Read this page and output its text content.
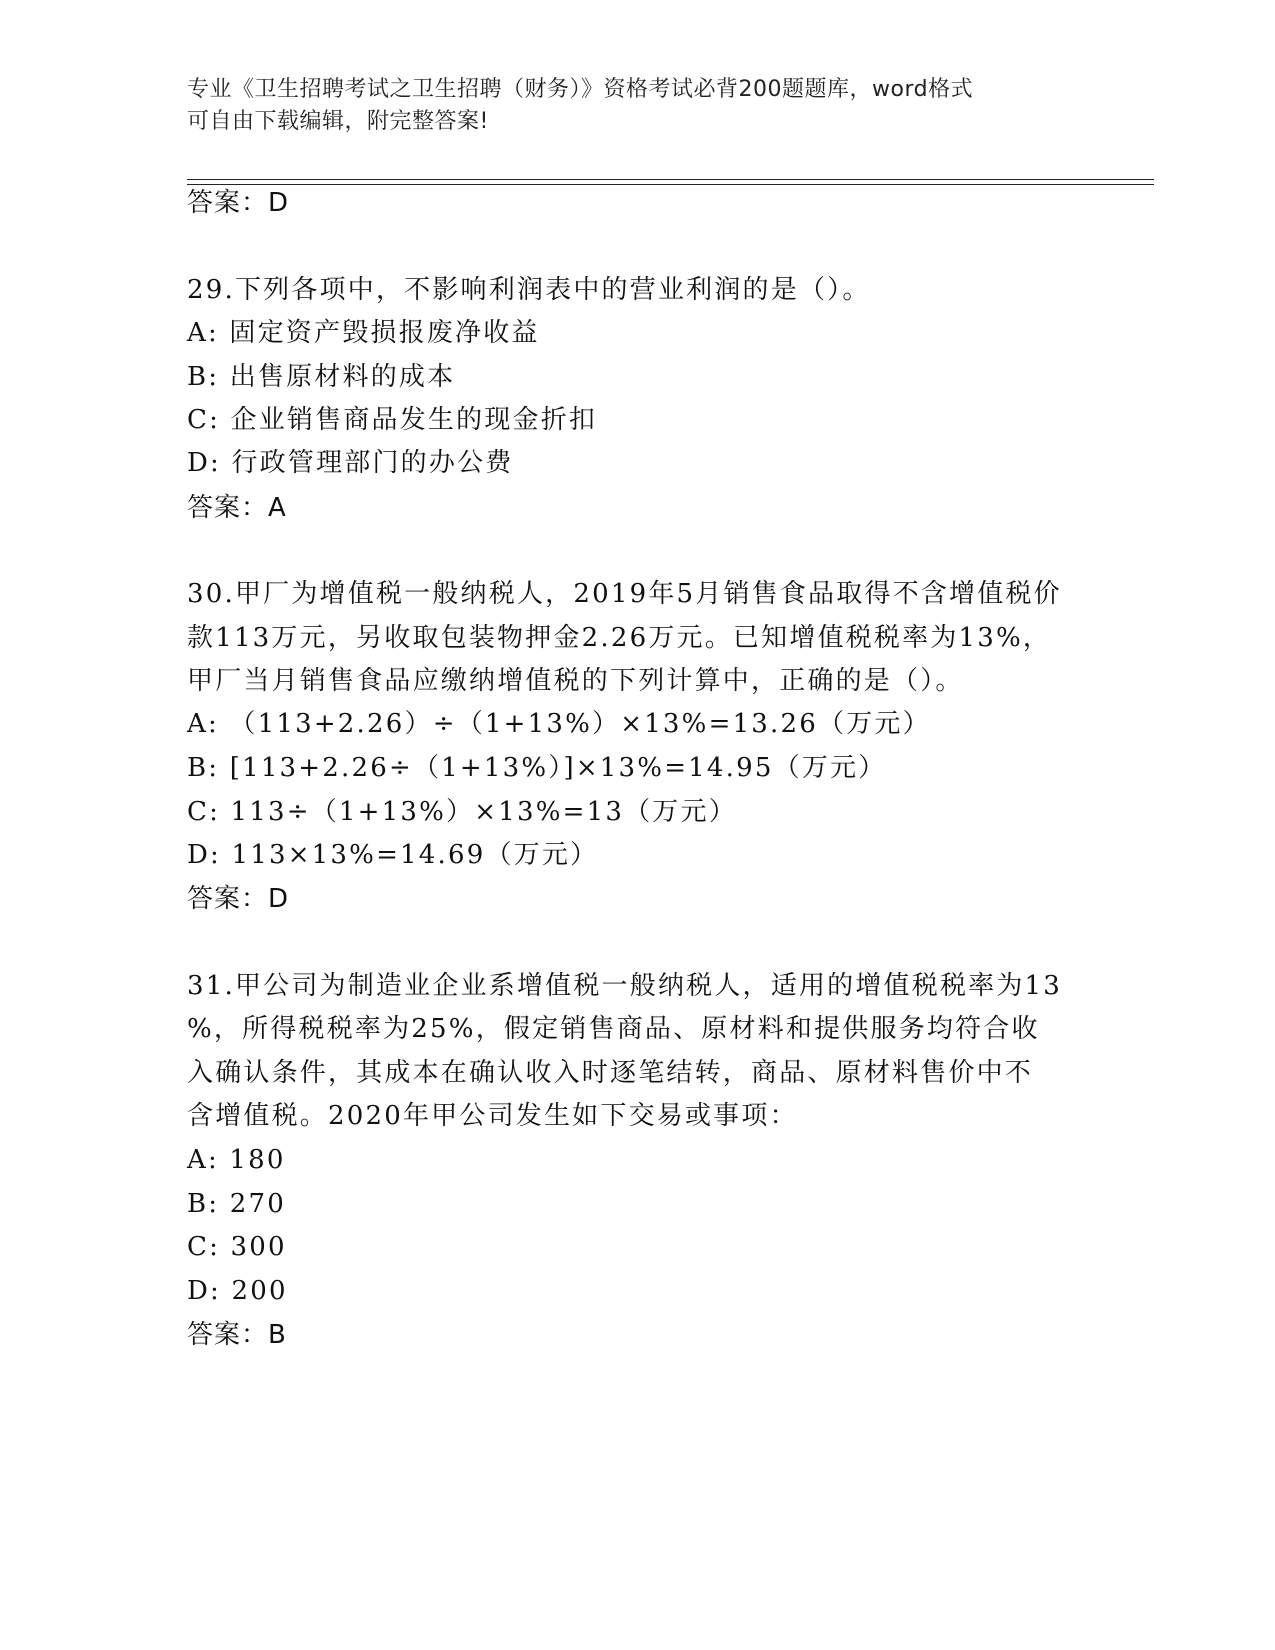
专业《卫生招聘考试之卫生招聘（财务）》资格考试必背200题题库，word格式
可自由下载编辑，附完整答案!
答案：D
29.下列各项中，不影响利润表中的营业利润的是（）。
A: 固定资产毁损报废净收益
B: 出售原材料的成本
C: 企业销售商品发生的现金折扣
D: 行政管理部门的办公费
答案：A
30.甲厂为增值税一般纳税人，2019年5月销售食品取得不含增值税价
款113万元，另收取包装物押金2.26万元。已知增值税税率为13%，
甲厂当月销售食品应缴纳增值税的下列计算中，正确的是（）。
A: （113+2.26）÷（1+13%）×13%=13.26（万元）
B: [113+2.26÷（1+13%）]×13%=14.95（万元）
C: 113÷（1+13%）×13%=13（万元）
D: 113×13%=14.69（万元）
答案：D
31.甲公司为制造业企业系增值税一般纳税人，适用的增值税税率为13
%，所得税税率为25%，假定销售商品、原材料和提供服务均符合收
入确认条件，其成本在确认收入时逐笔结转，商品、原材料售价中不
含增值税。2020年甲公司发生如下交易或事项：
A: 180
B: 270
C: 300
D: 200
答案：B
